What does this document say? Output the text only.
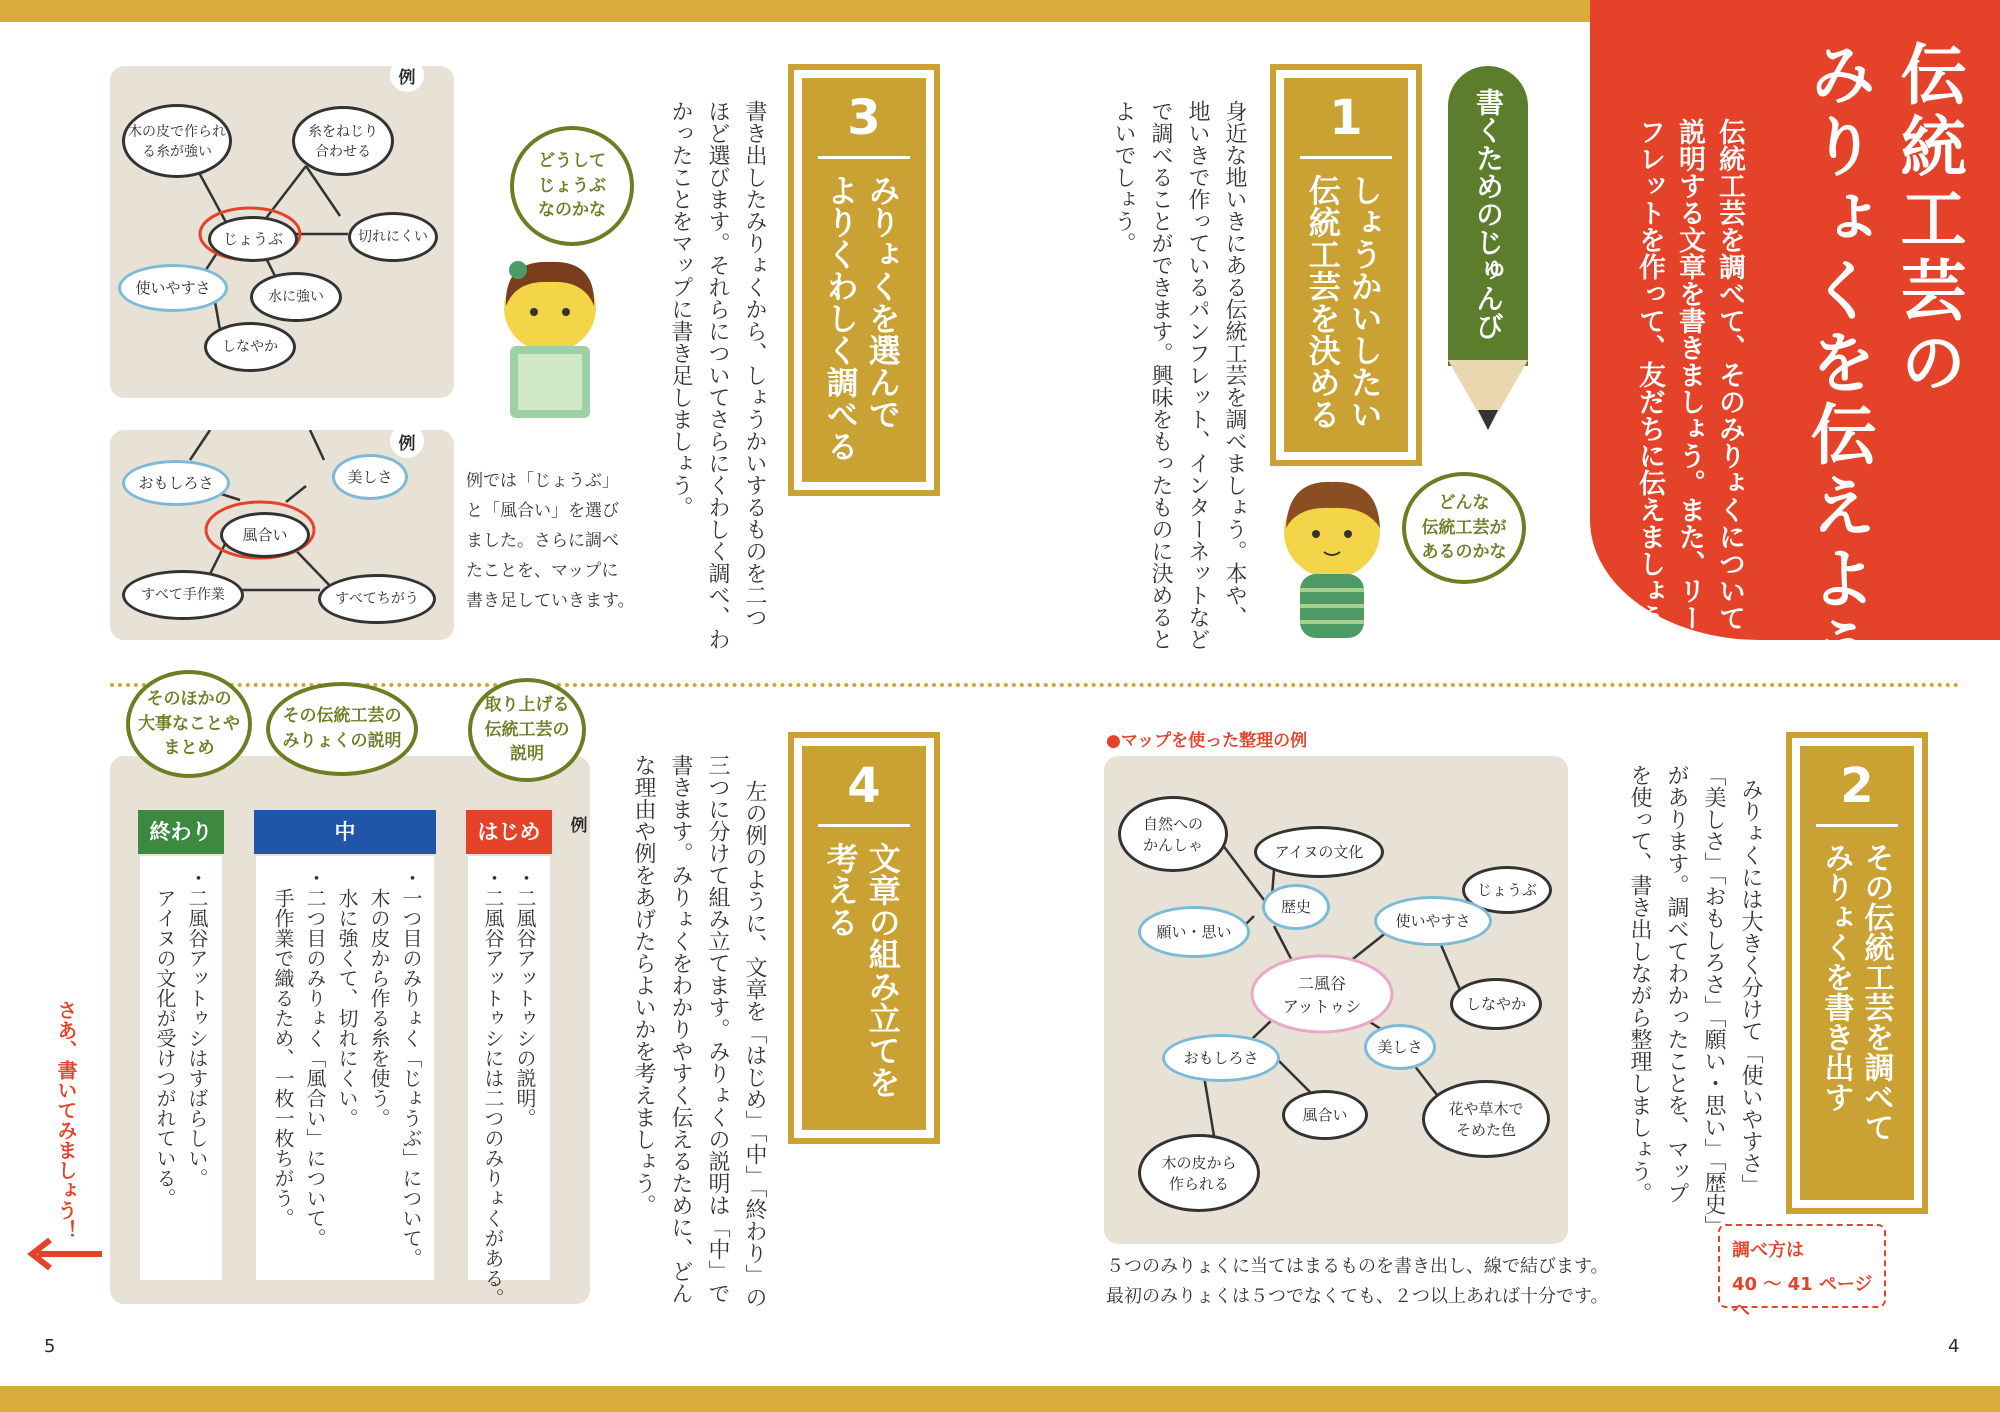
伝統工芸の
みりょくを伝えよう
伝統工芸を調べて、そのみりょくについて
説明する文章を書きましょう。また、リー
フレットを作って、友だちに伝えましょう。
書くためのじゅんび
1
しょうかいしたい
伝統工芸を決める
身近な地いきにある伝統工芸を調べましょう。本や、
地いきで作っているパンフレット、インターネットなど
で調べることができます。興味をもったものに決めると
よいでしょう。
どんな
伝統工芸が
あるのかな
3
みりょくを選んで
よりくわしく調べる
書き出したみりょくから、しょうかいするものを二つ
ほど選びます。それらについてさらにくわしく調べ、わ
かったことをマップに書き足しましょう。
どうして
じょうぶ
なのかな
例では「じょうぶ」
と「風合い」を選び
ました。さらに調べ
たことを、マップに
書き足していきます。
例
木の皮で作られ
る糸が強い
糸をねじり
合わせる
じょうぶ	切れにくい
使いやすさ	水に強い
しなやか
例
おもしろさ	美しさ
風合い
すべて手作業	すべてちがう
2
その伝統工芸を調べて
みりょくを書き出す
みりょくには大きく分けて「使いやすさ」
「美しさ」「おもしろさ」「願い・思い」「歴史」
があります。調べてわかったことを、マップ
を使って、書き出しながら整理しましょう。
調べ方は
40 ～ 41 ページへ
●マップを使った整理の例
自然への
かんしゃ	アイヌの文化
じょうぶ
歴史
使いやすさ
願い・思い
二風谷
アットゥシ	しなやか
美しさ
おもしろさ
風合い	花や草木で
そめた色
木の皮から
作られる
５つのみりょくに当てはまるものを書き出し、線で結びます。
最初のみりょくは５つでなくても、２つ以上あれば十分です。
4
文章の組み立てを
考える
左の例のように、文章を「はじめ」「中」「終わり」の
三つに分けて組み立てます。みりょくの説明は「中」で
書きます。みりょくをわかりやすく伝えるために、どん
な理由や例をあげたらよいかを考えましょう。
例
はじめ
・二風谷アットゥシの説明。
・二風谷アットゥシには二つのみりょくがある。
中
・一つ目のみりょく「じょうぶ」について。
　木の皮から作る糸を使う。
　水に強くて、切れにくい。
・二つ目のみりょく「風合い」について。
　手作業で織るため、一枚一枚ちがう。
終わり
・二風谷アットゥシはすばらしい。
　アイヌの文化が受けつがれている。
取り上げる
伝統工芸の
説明
その伝統工芸の
みりょくの説明
そのほかの
大事なことや
まとめ
さあ、書いてみましょう！
5	4
